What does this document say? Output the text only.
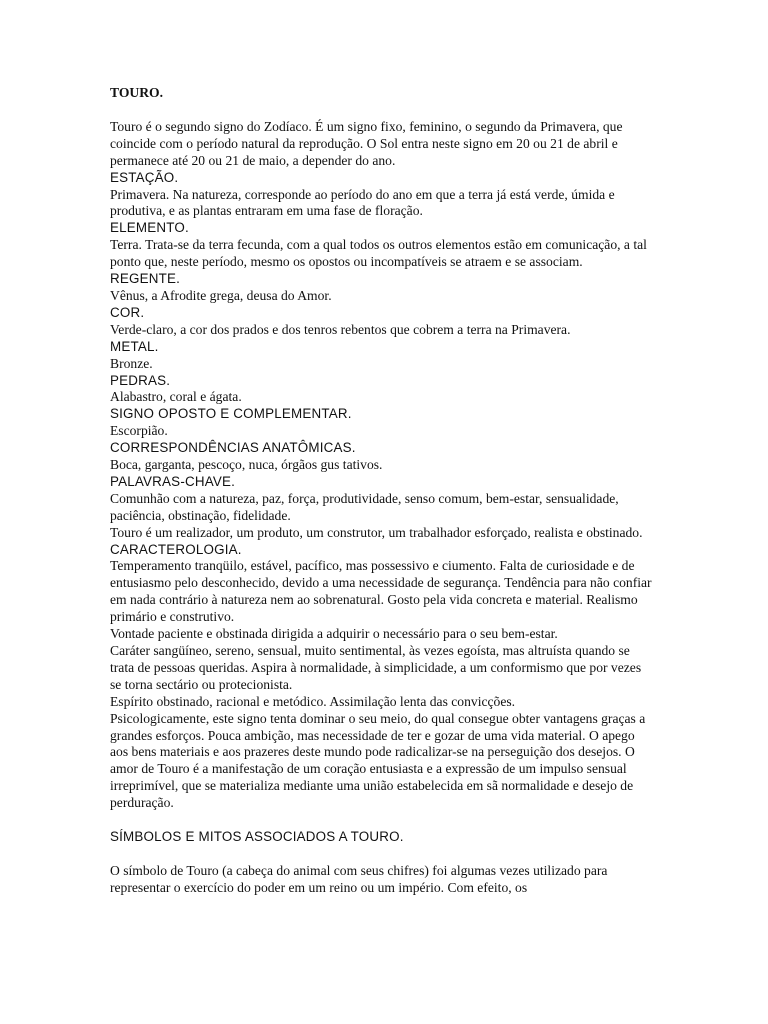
TOURO.

Touro é o segundo signo do Zodíaco. É um signo fixo, feminino, o segundo da Primavera, que coincide com o período natural da reprodução. O Sol entra neste signo em 20 ou 21 de abril e permanece até 20 ou 21 de maio, a depender do ano.

ESTAÇÃO.

Primavera. Na natureza, corresponde ao período do ano em que a terra já está verde, úmida e produtiva, e as plantas entraram em uma fase de floração.

ELEMENTO.

Terra. Trata-se da terra fecunda, com a qual todos os outros elementos estão em comunicação, a tal ponto que, neste período, mesmo os opostos ou incompatíveis se atraem e se associam.

REGENTE.

Vênus, a Afrodite grega, deusa do Amor.

COR.

Verde-claro, a cor dos prados e dos tenros rebentos que cobrem a terra na Primavera.

METAL.

Bronze.

PEDRAS.

Alabastro, coral e ágata.

SIGNO OPOSTO E COMPLEMENTAR.

Escorpião.

CORRESPONDÊNCIAS ANATÔMICAS.

Boca, garganta, pescoço, nuca, órgãos gus tativos.

PALAVRAS-CHAVE.

Comunhão com a natureza, paz, força, produtividade, senso comum, bem-estar, sensualidade, paciência, obstinação, fidelidade.

Touro é um realizador, um produto, um construtor, um trabalhador esforçado, realista e obstinado.

CARACTEROLOGIA.

Temperamento tranqüilo, estável, pacífico, mas possessivo e ciumento. Falta de curiosidade e de entusiasmo pelo desconhecido, devido a uma necessidade de segurança. Tendência para não confiar em nada contrário à natureza nem ao sobrenatural. Gosto pela vida concreta e material. Realismo primário e construtivo.

Vontade paciente e obstinada dirigida a adquirir o necessário para o seu bem-estar.

Caráter sangüíneo, sereno, sensual, muito sentimental, às vezes egoísta, mas altruísta quando se trata de pessoas queridas. Aspira à normalidade, à simplicidade, a um conformismo que por vezes se torna sectário ou protecionista.

Espírito obstinado, racional e metódico. Assimilação lenta das convicções.

Psicologicamente, este signo tenta dominar o seu meio, do qual consegue obter vantagens graças a grandes esforços. Pouca ambição, mas necessidade de ter e gozar de uma vida material. O apego aos bens materiais e aos prazeres deste mundo pode radicalizar-se na perseguição dos desejos. O amor de Touro é a manifestação de um coração entusiasta e a expressão de um impulso sensual irreprimível, que se materializa mediante uma união estabelecida em sã normalidade e desejo de perduração.

SÍMBOLOS E MITOS ASSOCIADOS A TOURO.

O símbolo de Touro (a cabeça do animal com seus chifres) foi algumas vezes utilizado para representar o exercício do poder em um reino ou um império. Com efeito, os
